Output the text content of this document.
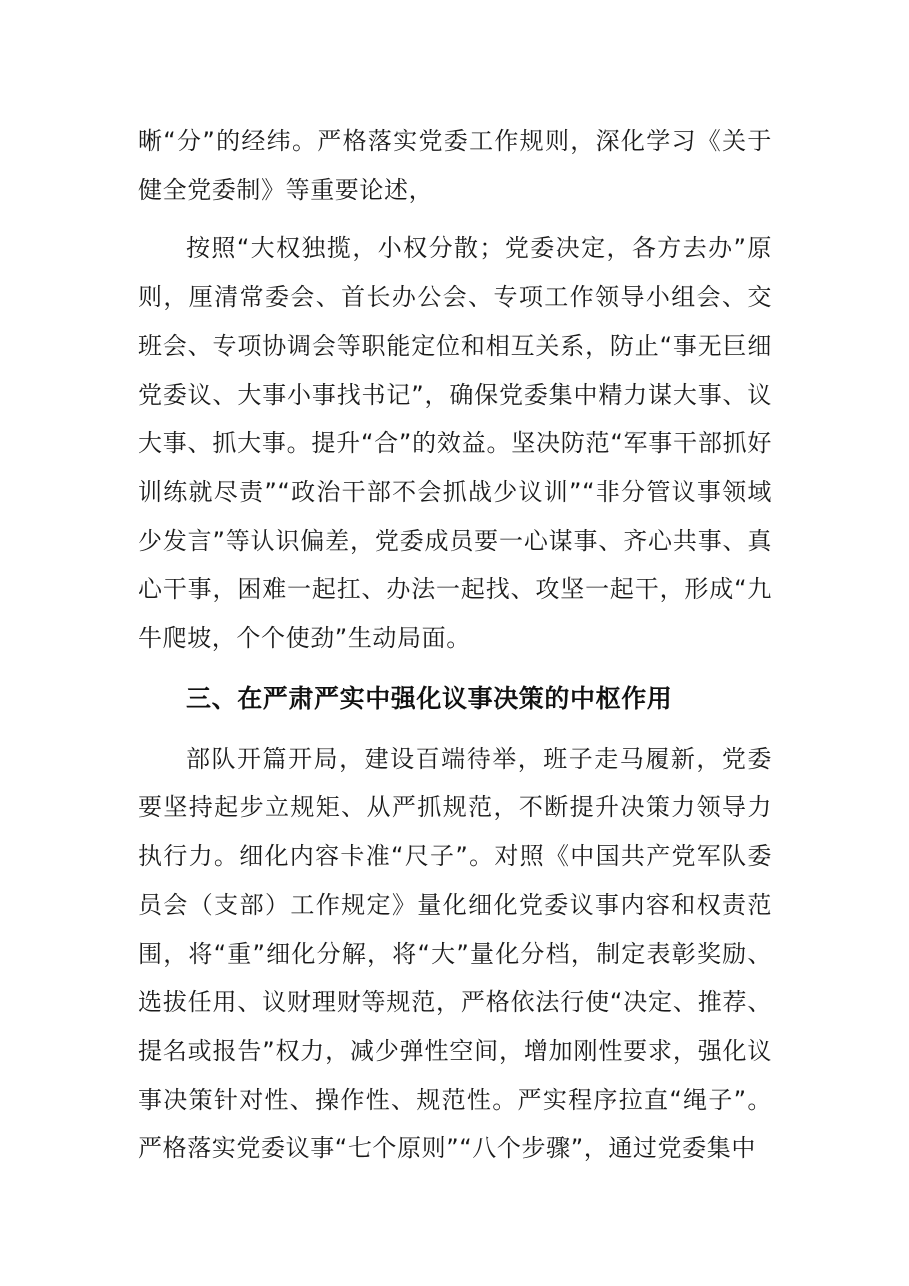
晰“分”的经纬。严格落实党委工作规则，深化学习《关于健全党委制》等重要论述，

按照“大权独揽，小权分散；党委决定，各方去办”原则，厘清常委会、首长办公会、专项工作领导小组会、交班会、专项协调会等职能定位和相互关系，防止“事无巨细党委议、大事小事找书记”，确保党委集中精力谋大事、议大事、抓大事。提升“合”的效益。坚决防范“军事干部抓好训练就尽责”“政治干部不会抓战少议训”“非分管议事领域少发言”等认识偏差，党委成员要一心谋事、齐心共事、真心干事，困难一起扛、办法一起找、攻坚一起干，形成“九牛爬坡，个个使劲”生动局面。

三、在严肃严实中强化议事决策的中枢作用

部队开篇开局，建设百端待举，班子走马履新，党委要坚持起步立规矩、从严抓规范，不断提升决策力领导力执行力。细化内容卡准“尺子”。对照《中国共产党军队委员会（支部）工作规定》量化细化党委议事内容和权责范围，将“重”细化分解，将“大”量化分档，制定表彰奖励、选拔任用、议财理财等规范，严格依法行使“决定、推荐、提名或报告”权力，减少弹性空间，增加刚性要求，强化议事决策针对性、操作性、规范性。严实程序拉直“绳子”。严格落实党委议事“七个原则”“八个步骤”，通过党委集中
